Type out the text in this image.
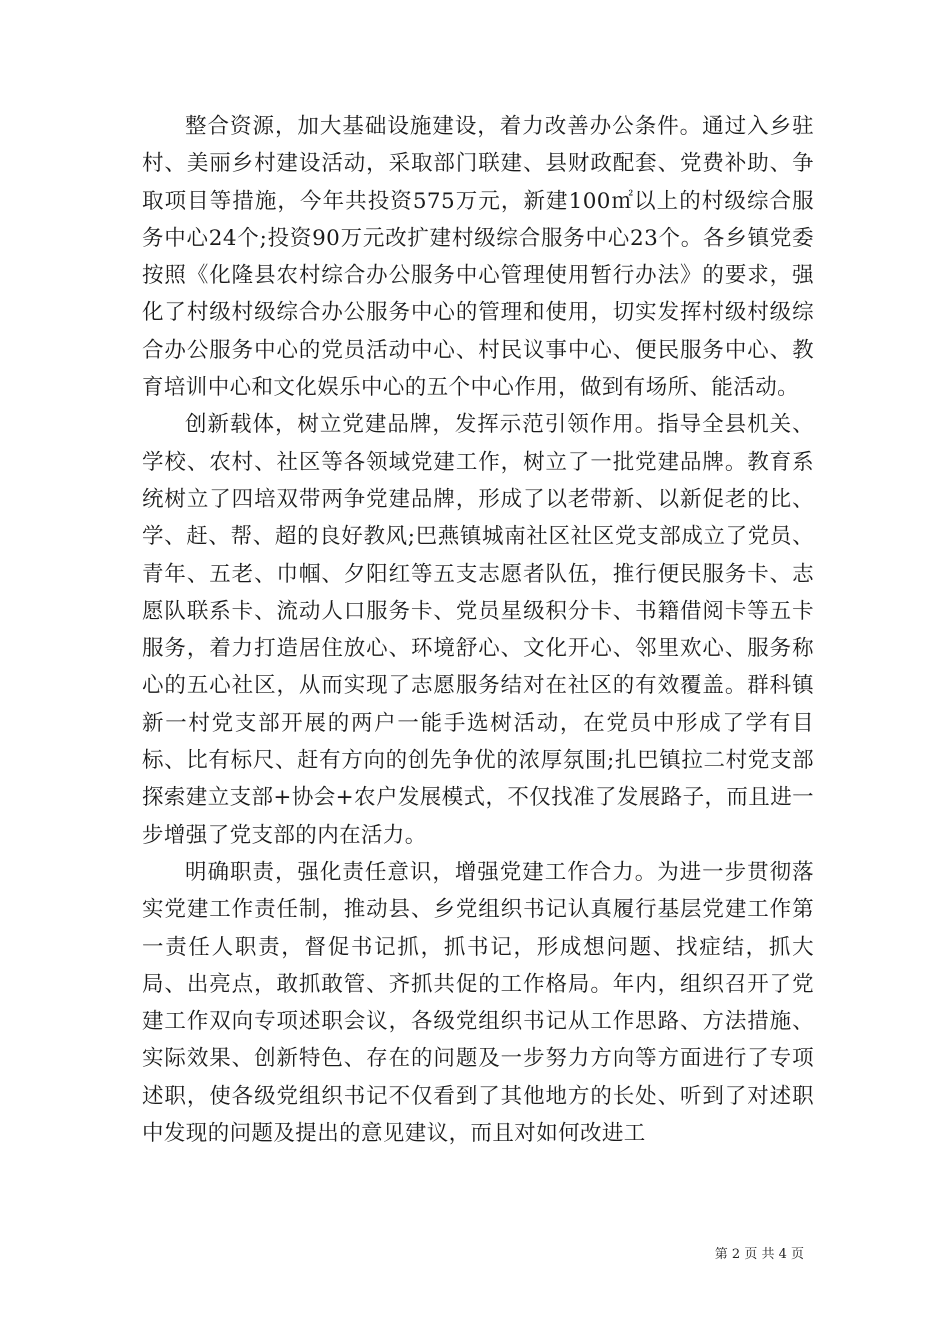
整合资源，加大基础设施建设，着力改善办公条件。通过入乡驻村、美丽乡村建设活动，采取部门联建、县财政配套、党费补助、争取项目等措施，今年共投资575万元，新建100㎡以上的村级综合服务中心24个;投资90万元改扩建村级综合服务中心23个。各乡镇党委按照《化隆县农村综合办公服务中心管理使用暂行办法》的要求，强化了村级村级综合办公服务中心的管理和使用，切实发挥村级村级综合办公服务中心的党员活动中心、村民议事中心、便民服务中心、教育培训中心和文化娱乐中心的五个中心作用，做到有场所、能活动。

创新载体，树立党建品牌，发挥示范引领作用。指导全县机关、学校、农村、社区等各领域党建工作，树立了一批党建品牌。教育系统树立了四培双带两争党建品牌，形成了以老带新、以新促老的比、学、赶、帮、超的良好教风;巴燕镇城南社区社区党支部成立了党员、青年、五老、巾帼、夕阳红等五支志愿者队伍，推行便民服务卡、志愿队联系卡、流动人口服务卡、党员星级积分卡、书籍借阅卡等五卡服务，着力打造居住放心、环境舒心、文化开心、邻里欢心、服务称心的五心社区，从而实现了志愿服务结对在社区的有效覆盖。群科镇新一村党支部开展的两户一能手选树活动，在党员中形成了学有目标、比有标尺、赶有方向的创先争优的浓厚氛围;扎巴镇拉二村党支部探索建立支部+协会+农户发展模式，不仅找准了发展路子，而且进一步增强了党支部的内在活力。

明确职责，强化责任意识，增强党建工作合力。为进一步贯彻落实党建工作责任制，推动县、乡党组织书记认真履行基层党建工作第一责任人职责，督促书记抓，抓书记，形成想问题、找症结，抓大局、出亮点，敢抓敢管、齐抓共促的工作格局。年内，组织召开了党建工作双向专项述职会议，各级党组织书记从工作思路、方法措施、实际效果、创新特色、存在的问题及一步努力方向等方面进行了专项述职，使各级党组织书记不仅看到了其他地方的长处、听到了对述职中发现的问题及提出的意见建议，而且对如何改进工

第 2 页 共 4 页
